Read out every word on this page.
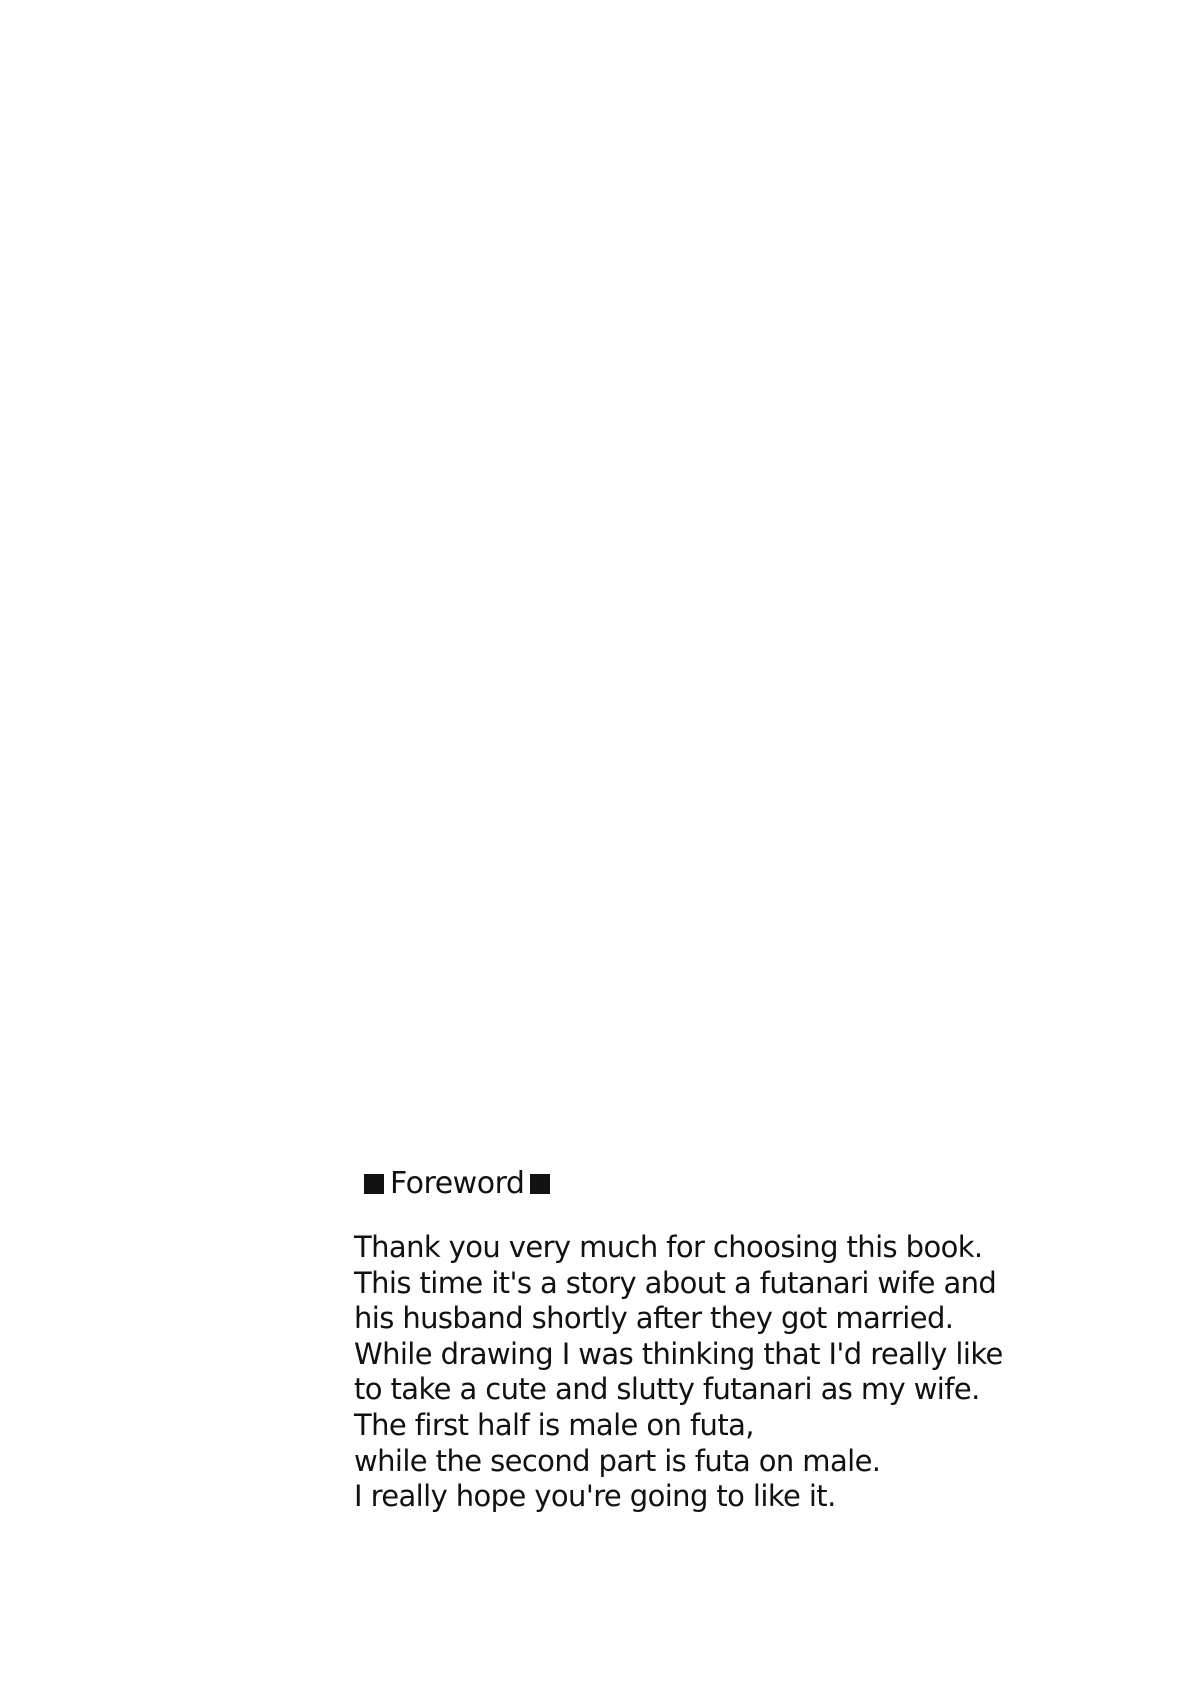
Foreword
Thank you very much for choosing this book.
This time it's a story about a futanari wife and
his husband shortly after they got married.
While drawing I was thinking that I'd really like
to take a cute and slutty futanari as my wife.
The first half is male on futa,
while the second part is futa on male.
I really hope you're going to like it.
